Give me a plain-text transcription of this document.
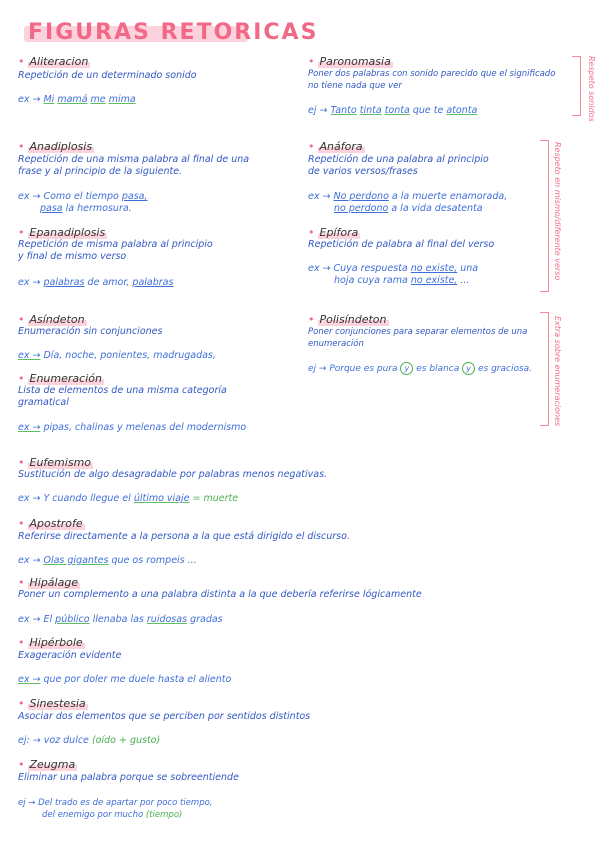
FIGURAS RETORICAS
• Aliteracion
Repetición de un determinado sonido
ex → Mi mamá me mima
• Anadiplosis
Repetición de una misma palabra al final de una
frase y al principio de la siguiente.
ex → Como el tiempo pasa,
pasa la hermosura.
• Epanadiplosis
Repetición de misma palabra al principio
y final de mismo verso
ex → palabras de amor, palabras
• Asíndeton
Enumeración sin conjunciones
ex → Día, noche, ponientes, madrugadas,
• Enumeración
Lista de elementos de una misma categoría
gramatical
ex → pipas, chalinas y melenas del modernismo
• Paronomasia
Poner dos palabras con sonido parecido que el significado
no tiene nada que ver
ej → Tanto tinta tonta que te atonta	Respeto sonidos
• Anáfora
Repetición de una palabra al principio
de varios versos/frases
ex → No perdono a la muerte enamorada,
no perdono a la vida desatenta
• Epífora
Repetición de palabra al final del verso
ex → Cuya respuesta no existe, una
hoja cuya rama no existe, ...
Respeto en mismo/diferente verso
• Polisíndeton
Poner conjunciones para separar elementos de una
enumeración
ej → Porque es pura y es blanca y es graciosa.	Extra sobre enumeraciones
• Eufemismo
Sustitución de algo desagradable por palabras menos negativas.
ex → Y cuando llegue el último viaje = muerte
• Apostrofe
Referirse directamente a la persona a la que está dirigido el discurso.
ex → Olas gigantes que os rompeis ...
• Hipálage
Poner un complemento a una palabra distinta a la que debería referirse lógicamente
ex → El público llenaba las ruidosas gradas
• Hipérbole
Exageración evidente
ex → que por doler me duele hasta el aliento
• Sinestesia
Asociar dos elementos que se perciben por sentidos distintos
ej: → voz dulce (oído + gusto)
• Zeugma
Eliminar una palabra porque se sobreentiende
ej → Del trado es de apartar por poco tiempo,
del enemigo por mucho (tiempo)
